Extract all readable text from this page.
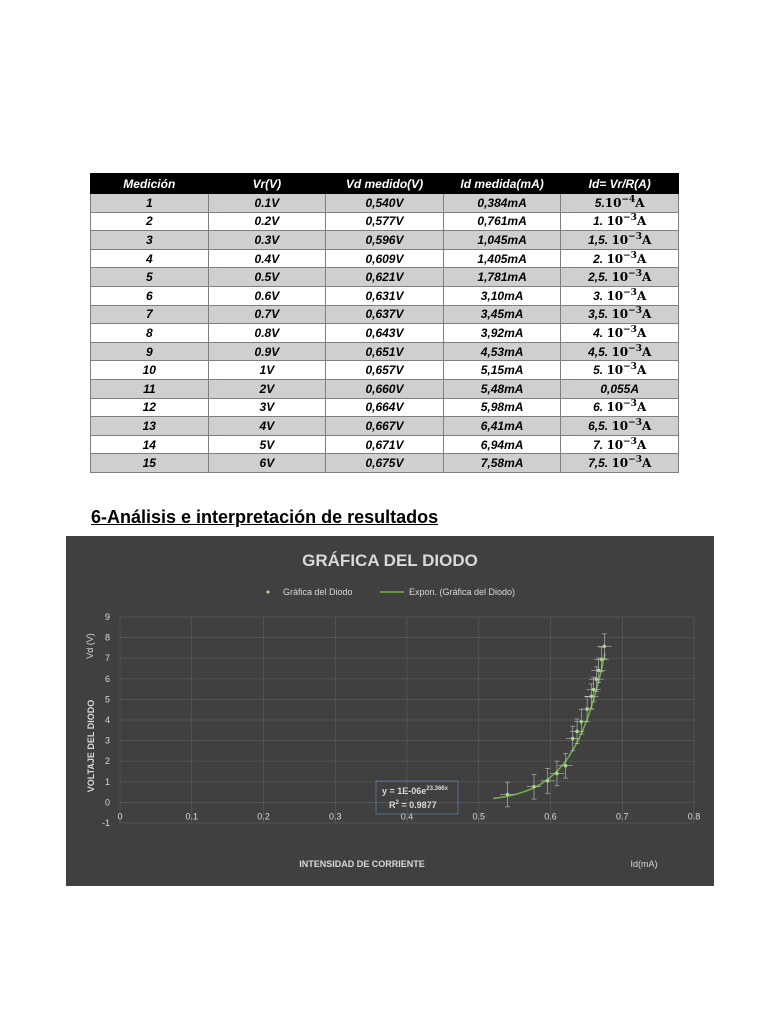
Medición	Vr(V)	Vd medido(V)	Id medida(mA)	Id= Vr/R(A)
1	0.1V	0,540V	0,384mA	$5.10^{-4}A$
2	0.2V	0,577V	0,761mA	1. $10^{-3}A$
3	0.3V	0,596V	1,045mA	1,5. $10^{-3}A$
4	0.4V	0,609V	1,405mA	2. $10^{-3}A$
5	0.5V	0,621V	1,781mA	2,5. $10^{-3}A$
6	0.6V	0,631V	3,10mA	3. $10^{-3}A$
7	0.7V	0,637V	3,45mA	3,5. $10^{-3}A$
8	0.8V	0,643V	3,92mA	4. $10^{-3}A$
9	0.9V	0,651V	4,53mA	4,5. $10^{-3}A$
10	1V	0,657V	5,15mA	5. $10^{-3}A$
11	2V	0,660V	5,48mA	0,055A
12	3V	0,664V	5,98mA	6. $10^{-3}A$
13	4V	0,667V	6,41mA	6,5. $10^{-3}A$
14	5V	0,671V	6,94mA	7. $10^{-3}A$
15	6V	0,675V	7,58mA	7,5. $10^{-3}A$
6-Análisis e interpretación de resultados
GRÁFICA DEL DIODO
Gráfica del Diodo	Expon. (Gráfica del Diodo)
0	0.1	0.2	0.3	0.4	0.5	0.6	0.7	0.8
-1
0
1
2
3
4
5
6
7
8
9
$y = 1E-06e^{23.366x}$
$R^2 = 0.9877$
Vd (V)
VOLTAJE DEL DIODO
INTENSIDAD DE CORRIENTE	Id(mA)
